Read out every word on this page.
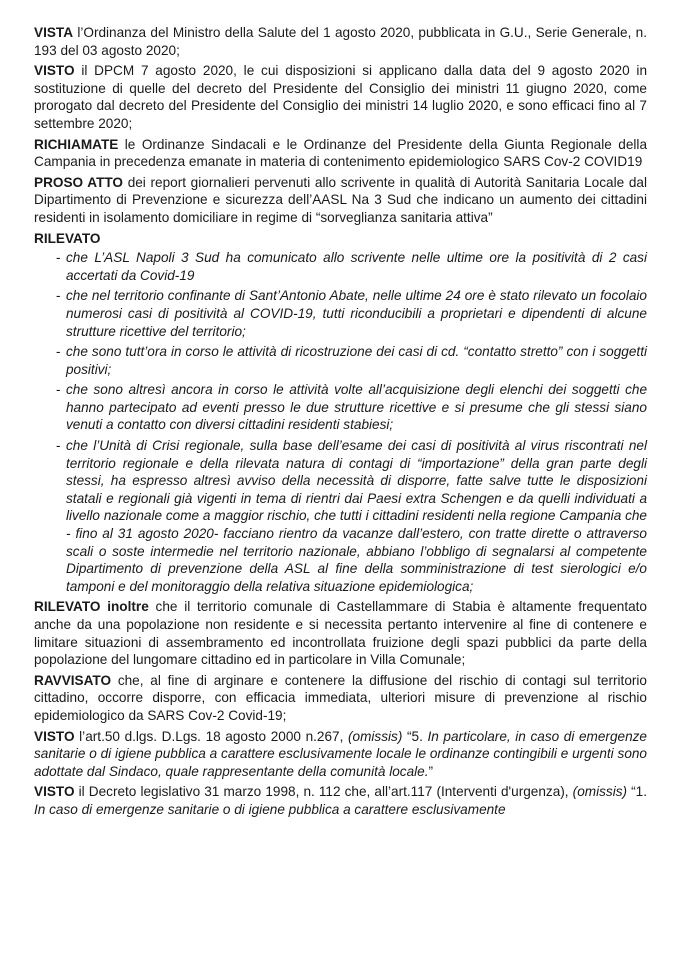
VISTA l’Ordinanza del Ministro della Salute del 1 agosto 2020, pubblicata in G.U., Serie Generale, n. 193 del 03 agosto 2020;

VISTO il DPCM 7 agosto 2020, le cui disposizioni si applicano dalla data del 9 agosto 2020 in sostituzione di quelle del decreto del Presidente del Consiglio dei ministri 11 giugno 2020, come prorogato dal decreto del Presidente del Consiglio dei ministri 14 luglio 2020, e sono efficaci fino al 7 settembre 2020;

RICHIAMATE le Ordinanze Sindacali e le Ordinanze del Presidente della Giunta Regionale della Campania in precedenza emanate in materia di contenimento epidemiologico SARS Cov-2 COVID19

PROSO ATTO dei report giornalieri pervenuti allo scrivente in qualità di Autorità Sanitaria Locale dal Dipartimento di Prevenzione e sicurezza dell’AASL Na 3 Sud che indicano un aumento dei cittadini residenti in isolamento domiciliare in regime di “sorveglianza sanitaria attiva”

RILEVATO
- che L’ASL Napoli 3 Sud ha comunicato allo scrivente nelle ultime ore la positività di 2 casi accertati da Covid-19
- che nel territorio confinante di Sant’Antonio Abate, nelle ultime 24 ore è stato rilevato un focolaio numerosi casi di positività al COVID-19, tutti riconducibili a proprietari e dipendenti di alcune strutture ricettive del territorio;
- che sono tutt’ora in corso le attività di ricostruzione dei casi di cd. “contatto stretto” con i soggetti positivi;
- che sono altresì ancora in corso le attività volte all’acquisizione degli elenchi dei soggetti che hanno partecipato ad eventi presso le due strutture ricettive e si presume che gli stessi siano venuti a contatto con diversi cittadini residenti stabiesi;
- che l’Unità di Crisi regionale, sulla base dell’esame dei casi di positività al virus riscontrati nel territorio regionale e della rilevata natura di contagi di “importazione” della gran parte degli stessi, ha espresso altresì avviso della necessità di disporre, fatte salve tutte le disposizioni statali e regionali già vigenti in tema di rientri dai Paesi extra Schengen e da quelli individuati a livello nazionale come a maggior rischio, che tutti i cittadini residenti nella regione Campania che - fino al 31 agosto 2020- facciano rientro da vacanze dall’estero, con tratte dirette o attraverso scali o soste intermedie nel territorio nazionale, abbiano l’obbligo di segnalarsi al competente Dipartimento di prevenzione della ASL al fine della somministrazione di test sierologici e/o tamponi e del monitoraggio della relativa situazione epidemiologica;

RILEVATO inoltre che il territorio comunale di Castellammare di Stabia è altamente frequentato anche da una popolazione non residente e si necessita pertanto intervenire al fine di contenere e limitare situazioni di assembramento ed incontrollata fruizione degli spazi pubblici da parte della popolazione del lungomare cittadino ed in particolare in Villa Comunale;

RAVVISATO che, al fine di arginare e contenere la diffusione del rischio di contagi sul territorio cittadino, occorre disporre, con efficacia immediata, ulteriori misure di prevenzione al rischio epidemiologico da SARS Cov-2 Covid-19;

VISTO l’art.50 d.lgs. D.Lgs. 18 agosto 2000 n.267, (omissis) “5. In particolare, in caso di emergenze sanitarie o di igiene pubblica a carattere esclusivamente locale le ordinanze contingibili e urgenti sono adottate dal Sindaco, quale rappresentante della comunità locale.”

VISTO il Decreto legislativo 31 marzo 1998, n. 112 che, all’art.117 (Interventi d'urgenza), (omissis) “1. In caso di emergenze sanitarie o di igiene pubblica a carattere esclusivamente
